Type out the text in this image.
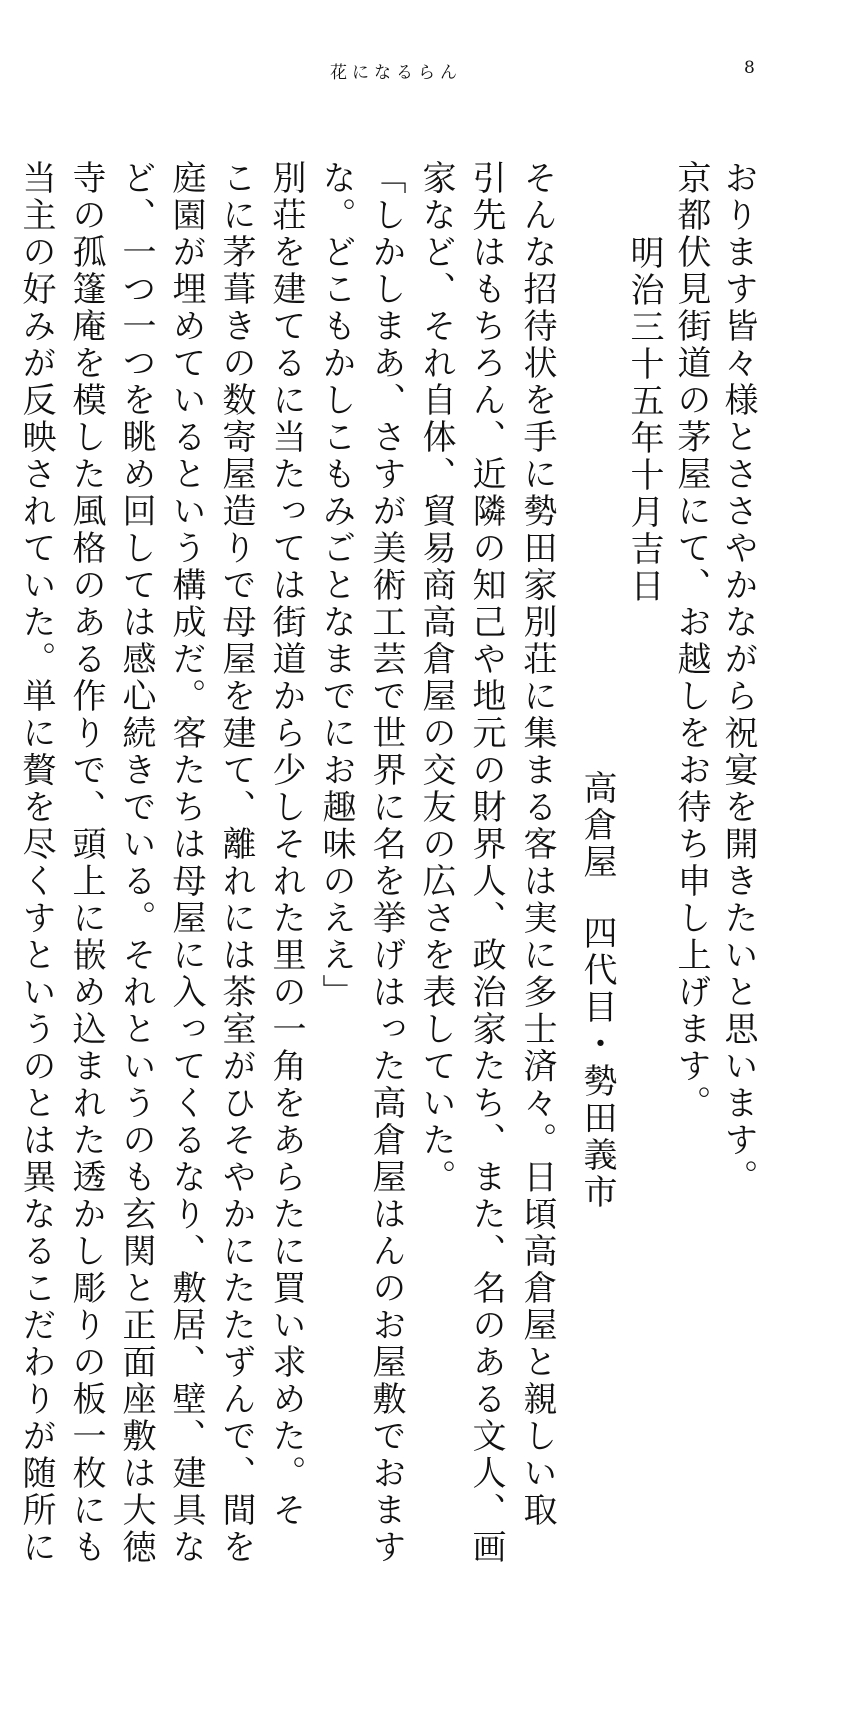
花になるらん	8
おります皆々様とささやかながら祝宴を開きたいと思います。
京都伏見街道の茅屋にて、お越しをお待ち申し上げます。
明治三十五年十月吉日
高倉屋四代目・勢田義市
そんな招待状を手に勢田家別荘に集まる客は実に多士済々。日頃高倉屋と親しい取
引先はもちろん、近隣の知己や地元の財界人、政治家たち、また、名のある文人、画
家など、それ自体、貿易商高倉屋の交友の広さを表していた。
「しかしまあ、さすが美術工芸で世界に名を挙げはった高倉屋はんのお屋敷でおます
な。どこもかしこもみごとなまでにお趣味のええ」
別荘を建てるに当たっては街道から少しそれた里の一角をあらたに買い求めた。そ
こに茅葺きの数寄屋造りで母屋を建て、離れには茶室がひそやかにたたずんで、間を
庭園が埋めているという構成だ。客たちは母屋に入ってくるなり、敷居、壁、建具な
ど、一つ一つを眺め回しては感心続きでいる。それというのも玄関と正面座敷は大徳
寺の孤篷庵を模した風格のある作りで、頭上に嵌め込まれた透かし彫りの板一枚にも
当主の好みが反映されていた。単に贅を尽くすというのとは異なるこだわりが随所に
